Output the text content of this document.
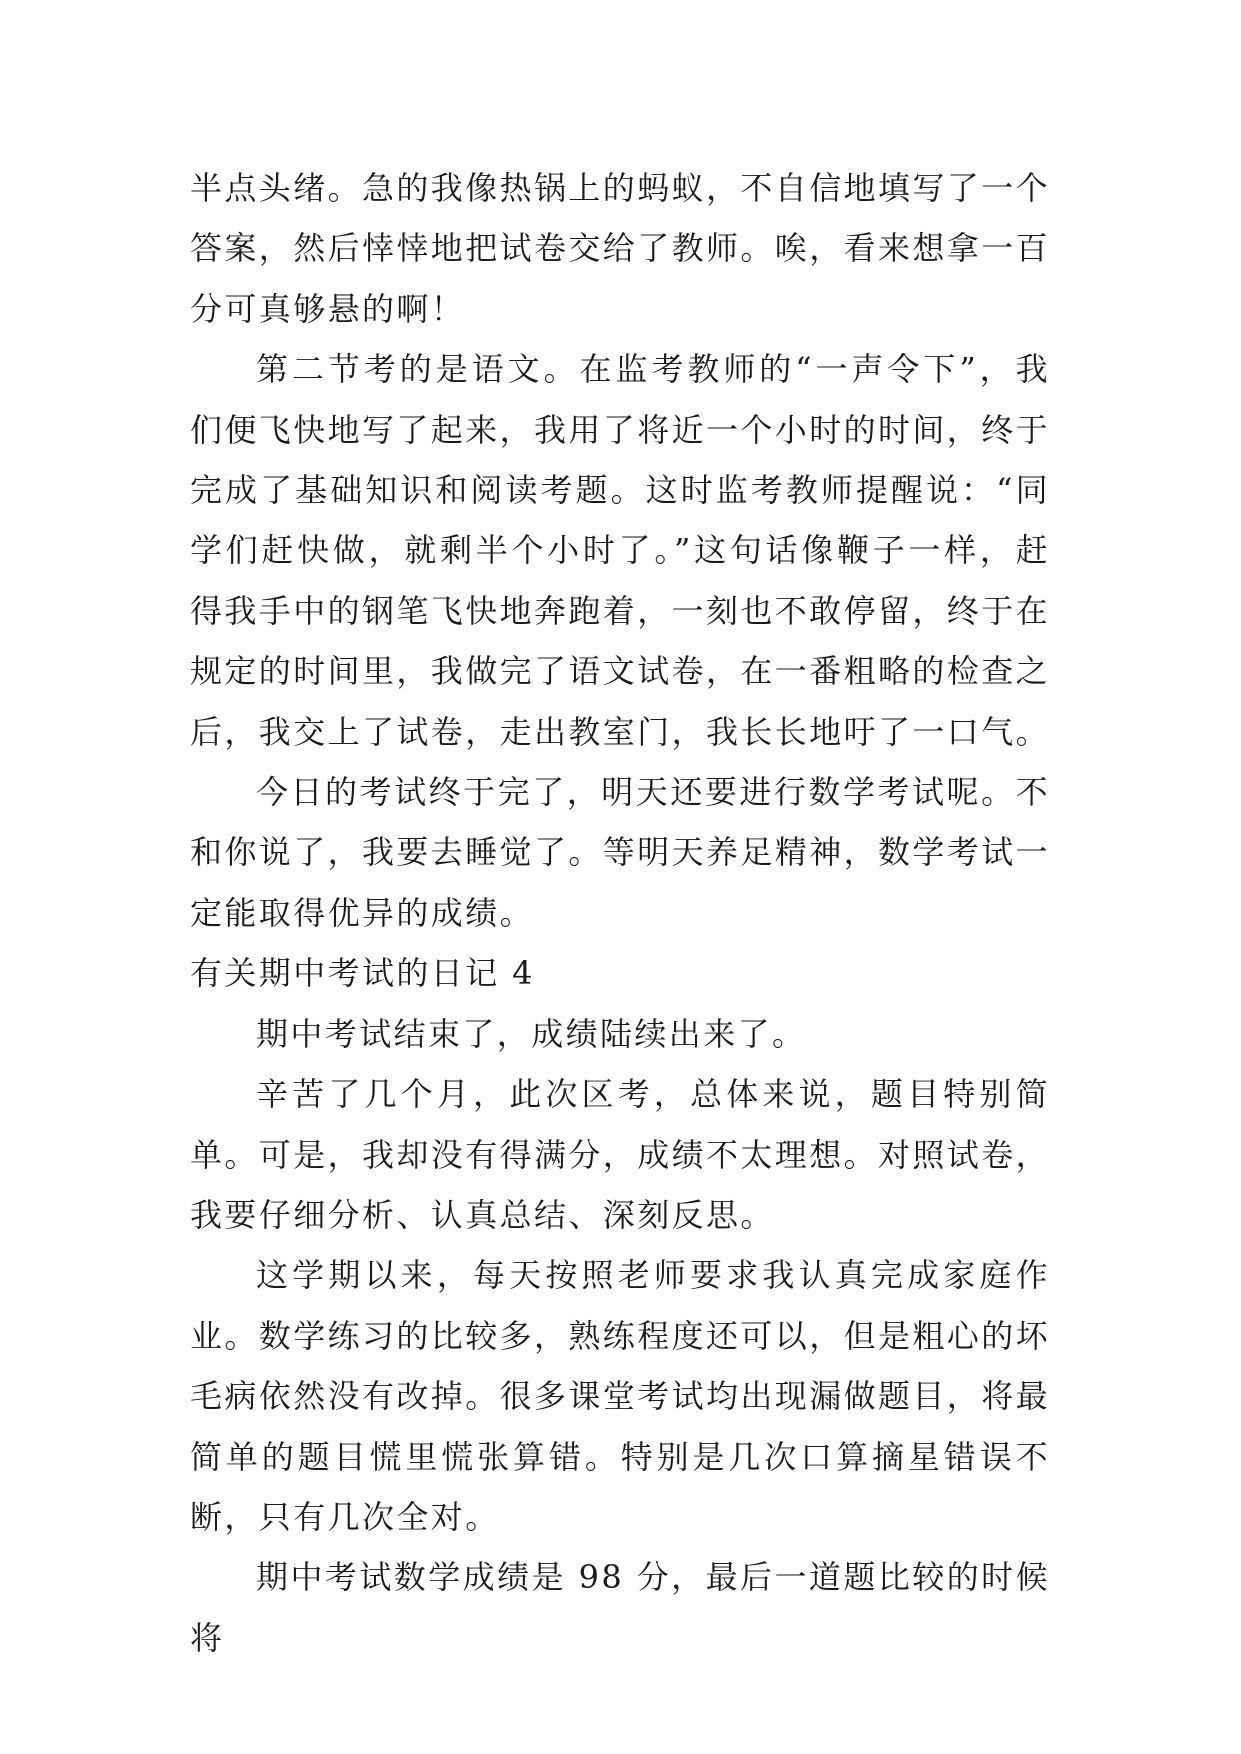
半点头绪。急的我像热锅上的蚂蚁，不自信地填写了一个答案，然后悻悻地把试卷交给了教师。唉，看来想拿一百分可真够悬的啊！

第二节考的是语文。在监考教师的“一声令下”，我们便飞快地写了起来，我用了将近一个小时的时间，终于完成了基础知识和阅读考题。这时监考教师提醒说：“同学们赶快做，就剩半个小时了。”这句话像鞭子一样，赶得我手中的钢笔飞快地奔跑着，一刻也不敢停留，终于在规定的时间里，我做完了语文试卷，在一番粗略的检查之后，我交上了试卷，走出教室门，我长长地吁了一口气。

今日的考试终于完了，明天还要进行数学考试呢。不和你说了，我要去睡觉了。等明天养足精神，数学考试一定能取得优异的成绩。

有关期中考试的日记 4

期中考试结束了，成绩陆续出来了。

辛苦了几个月，此次区考，总体来说，题目特别简单。可是，我却没有得满分，成绩不太理想。对照试卷，我要仔细分析、认真总结、深刻反思。

这学期以来，每天按照老师要求我认真完成家庭作业。数学练习的比较多，熟练程度还可以，但是粗心的坏毛病依然没有改掉。很多课堂考试均出现漏做题目，将最简单的题目慌里慌张算错。特别是几次口算摘星错误不断，只有几次全对。

期中考试数学成绩是 98 分，最后一道题比较的时候将
